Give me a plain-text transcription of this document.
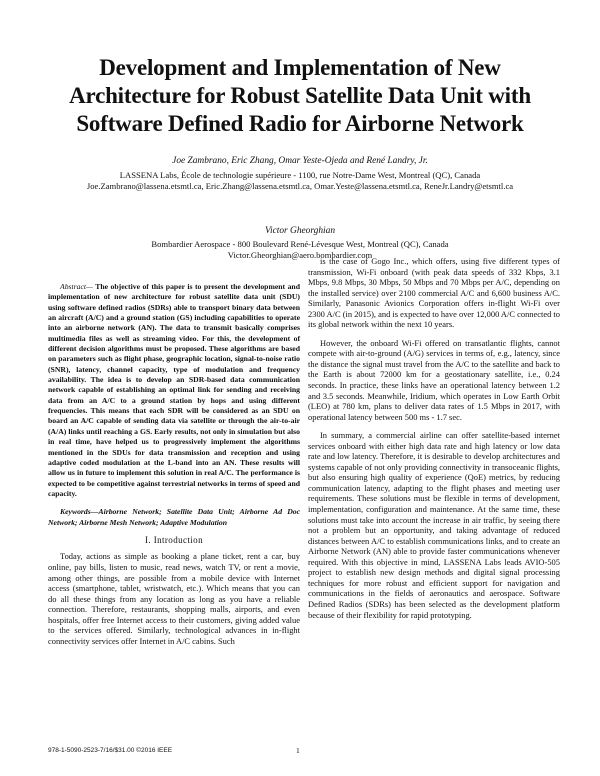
Development and Implementation of New
Architecture for Robust Satellite Data Unit with
Software Defined Radio for Airborne Network
Joe Zambrano, Eric Zhang, Omar Yeste-Ojeda and René Landry, Jr.
LASSENA Labs, École de technologie supérieure - 1100, rue Notre-Dame West, Montreal (QC), Canada
Joe.Zambrano@lassena.etsmtl.ca, Eric.Zhang@lassena.etsmtl.ca, Omar.Yeste@lassena.etsmtl.ca, ReneJr.Landry@etsmtl.ca
Victor Gheorghian
Bombardier Aerospace - 800 Boulevard René-Lévesque West, Montreal (QC), Canada
Victor.Gheorghian@aero.bombardier.com
Abstract— The objective of this paper is to present the development and implementation of new architecture for robust satellite data unit (SDU) using software defined radios (SDRs) able to transport binary data between an aircraft (A/C) and a ground station (GS) including capabilities to operate into an airborne network (AN). The data to transmit basically comprises multimedia files as well as streaming video. For this, the development of different decision algorithms must be proposed. These algorithms are based on parameters such as flight phase, geographic location, signal-to-noise ratio (SNR), latency, channel capacity, type of modulation and frequency availability. The idea is to develop an SDR-based data communication network capable of establishing an optimal link for sending and receiving data from an A/C to a ground station by hops and using different frequencies. This means that each SDR will be considered as an SDU on board an A/C capable of sending data via satellite or through the air-to-air (A/A) links until reaching a GS. Early results, not only in simulation but also in real time, have helped us to progressively implement the algorithms mentioned in the SDUs for data transmission and reception and using adaptive coded modulation at the L-band into an AN. These results will allow us in future to implement this solution in real A/C. The performance is expected to be competitive against terrestrial networks in terms of speed and capacity.
Keywords—Airborne Network; Satellite Data Unit; Airborne Ad Doc Network; Airborne Mesh Network; Adaptive Modulation
I. Introduction

Today, actions as simple as booking a plane ticket, rent a car, buy online, pay bills, listen to music, read news, watch TV, or rent a movie, among other things, are possible from a mobile device with Internet access (smartphone, tablet, wristwatch, etc.). Which means that you can do all these things from any location as long as you have a reliable connection. Therefore, restaurants, shopping malls, airports, and even hospitals, offer free Internet access to their customers, giving added value to the services offered. Similarly, technological advances in in-flight connectivity services offer Internet in A/C cabins. Such

is the case of Gogo Inc., which offers, using five different types of transmission, Wi-Fi onboard (with peak data speeds of 332 Kbps, 3.1 Mbps, 9.8 Mbps, 30 Mbps, 50 Mbps and 70 Mbps per A/C, depending on the installed service) over 2100 commercial A/C and 6,600 business A/C. Similarly, Panasonic Avionics Corporation offers in-flight Wi-Fi over 2300 A/C (in 2015), and is expected to have over 12,000 A/C connected to its global network within the next 10 years.

However, the onboard Wi-Fi offered on transatlantic flights, cannot compete with air-to-ground (A/G) services in terms of, e.g., latency, since the distance the signal must travel from the A/C to the satellite and back to the Earth is about 72000 km for a geostationary satellite, i.e., 0.24 seconds. In practice, these links have an operational latency between 1.2 and 3.5 seconds. Meanwhile, Iridium, which operates in Low Earth Orbit (LEO) at 780 km, plans to deliver data rates of 1.5 Mbps in 2017, with operational latency between 500 ms - 1.7 sec.

In summary, a commercial airline can offer satellite-based internet services onboard with either high data rate and high latency or low data rate and low latency. Therefore, it is desirable to develop architectures and systems capable of not only providing connectivity in transoceanic flights, but also ensuring high quality of experience (QoE) metrics, by reducing communication latency, adapting to the flight phases and meeting user requirements. These solutions must be flexible in terms of development, implementation, configuration and maintenance. At the same time, these solutions must take into account the increase in air traffic, by seeing there not a problem but an opportunity, and taking advantage of reduced distances between A/C to establish communications links, and to create an Airborne Network (AN) able to provide faster communications whenever required. With this objective in mind, LASSENA Labs leads AVIO-505 project to establish new design methods and digital signal processing techniques for more robust and efficient support for navigation and communications in the fields of aeronautics and aerospace. Software Defined Radios (SDRs) has been selected as the development platform because of their flexibility for rapid prototyping.

978-1-5090-2523-7/16/$31.00 ©2016 IEEE	1
